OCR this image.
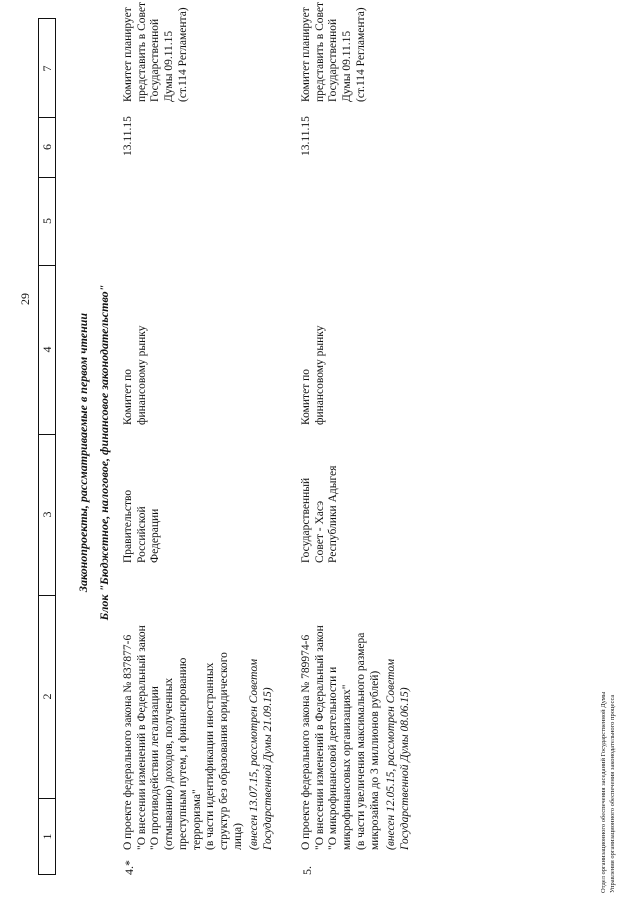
29
1
2
3
4
5
6
7
Законопроекты, рассматриваемые в первом чтении Блок "Бюджетное, налоговое, финансовое законодательство"
4.*
О проекте федерального закона № 837877-6
"О внесении изменений в Федеральный закон
"О противодействии легализации
(отмыванию) доходов, полученных
преступным путем, и финансированию
терроризма"
(в части идентификации иностранных
структур без образования юридического
лица) (внесен 13.07.15, рассмотрен Советом
Государственной Думы 21.09.15)
Правительство
Российской
Федерации
Комитет по
финансовому рынку
13.11.15
Комитет планирует
представить в Совет
Государственной
Думы 09.11.15
(ст.114 Регламента)
5.
О проекте федерального закона № 789974-6
"О внесении изменений в Федеральный закон
"О микрофинансовой деятельности и
микрофинансовых организациях"
(в части увеличения максимального размера
микрозайма до 3 миллионов рублей)
(внесен 12.05.15, рассмотрен Советом
Государственной Думы 08.06.15)
Государственный
Совет - Хасэ
Республики Адыгея
Комитет по
финансовому рынку
13.11.15
Комитет планирует
представить в Совет
Государственной
Думы 09.11.15
(ст.114 Регламента)
Отдел организационного обеспечения заседаний Государственной Думы
Управления организационного обеспечения законодательного процесса
